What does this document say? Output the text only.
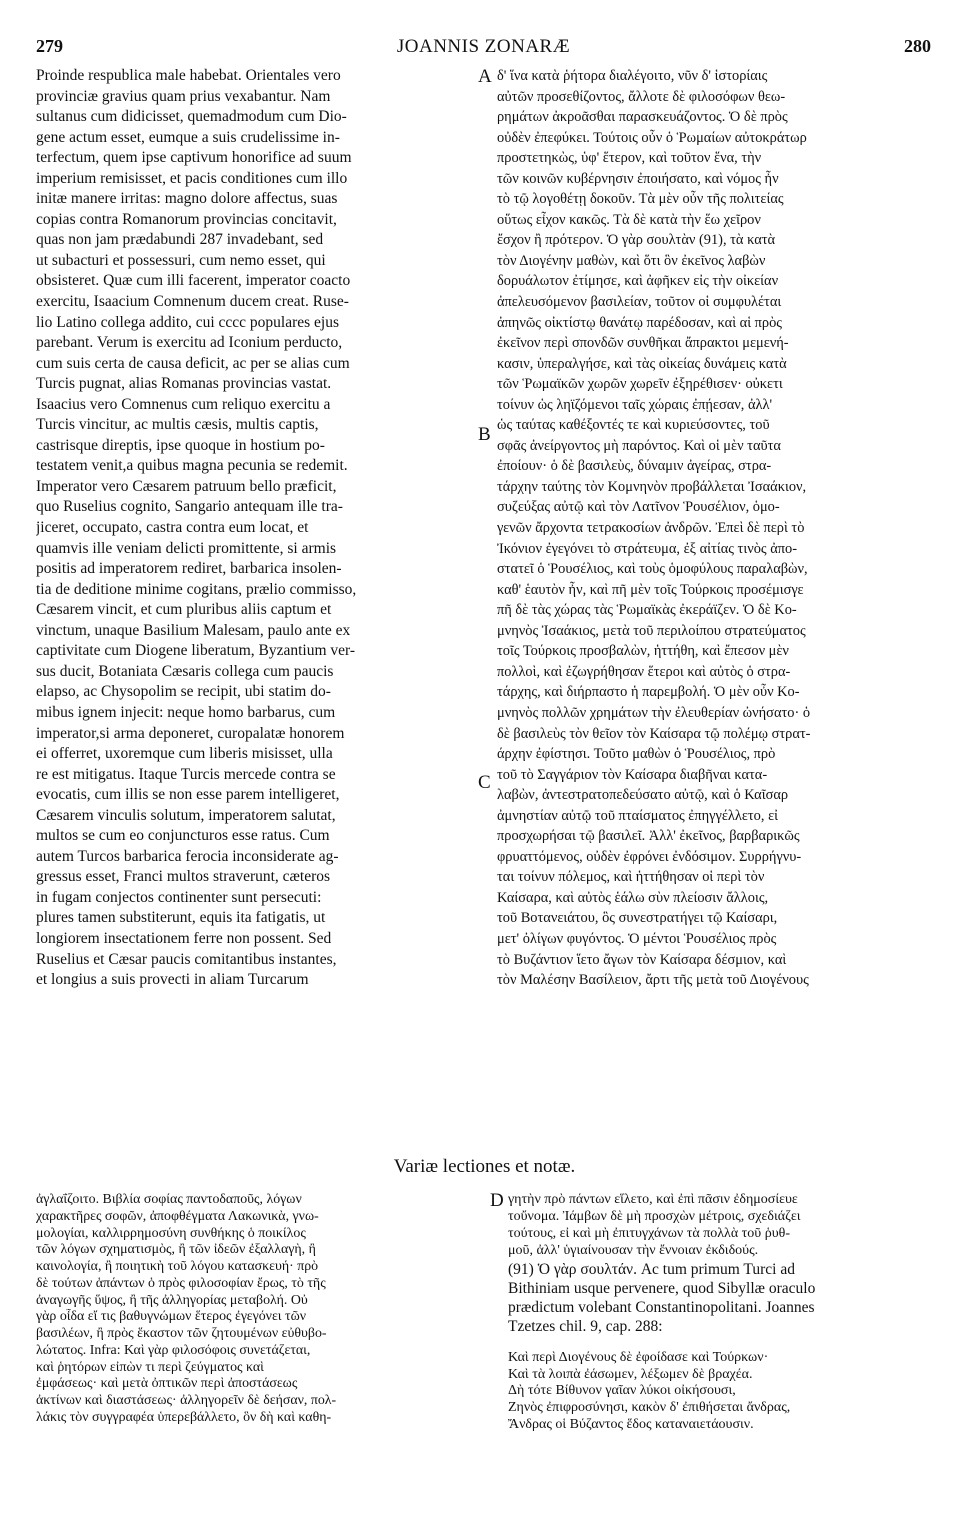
279	JOANNIS ZONARÆ	280
Proinde respublica male habebat. Orientales vero
provinciæ gravius quam prius vexabantur. Nam
sultanus cum didicisset, quemadmodum cum Dio-
gene actum esset, eumque a suis crudelissime in-
terfectum, quem ipse captivum honorifice ad suum
imperium remisisset, et pacis conditiones cum illo
initæ manere irritas: magno dolore affectus, suas
copias contra Romanorum provincias concitavit,
quas non jam prædabundi 287 invadebant, sed
ut subacturi et possessuri, cum nemo esset, qui
obsisteret. Quæ cum illi facerent, imperator coacto
exercitu, Isaacium Comnenum ducem creat. Ruse-
lio Latino collega addito, cui cccc populares ejus
parebant. Verum is exercitu ad Iconium perducto,
cum suis certa de causa deficit, ac per se alias cum
Turcis pugnat, alias Romanas provincias vastat.
Isaacius vero Comnenus cum reliquo exercitu a
Turcis vincitur, ac multis cæsis, multis captis,
castrisque direptis, ipse quoque in hostium po-
testatem venit,a quibus magna pecunia se redemit.
Imperator vero Cæsarem patruum bello præficit,
quo Ruselius cognito, Sangario antequam ille tra-
jiceret, occupato, castra contra eum locat, et
quamvis ille veniam delicti promittente, si armis
positis ad imperatorem rediret, barbarica insolen-
tia de deditione minime cogitans, prælio commisso,
Cæsarem vincit, et cum pluribus aliis captum et
vinctum, unaque Basilium Malesam, paulo ante ex
captivitate cum Diogene liberatum, Byzantium ver-
sus ducit, Botaniata Cæsaris collega cum paucis
elapso, ac Chysopolim se recipit, ubi statim do-
mibus ignem injecit: neque homo barbarus, cum
imperator,si arma deponeret, curopalatæ honorem
ei offerret, uxoremque cum liberis misisset, ulla
re est mitigatus. Itaque Turcis mercede contra se
evocatis, cum illis se non esse parem intelligeret,
Cæsarem vinculis solutum, imperatorem salutat,
multos se cum eo conjuncturos esse ratus. Cum
autem Turcos barbarica ferocia inconsiderate ag-
gressus esset, Franci multos straverunt, cæteros
in fugam conjectos continenter sunt persecuti:
plures tamen substiterunt, equis ita fatigatis, ut
longiorem insectationem ferre non possent. Sed
Ruselius et Cæsar paucis comitantibus instantes,
et longius a suis provecti in aliam Turcarum
δ' ἵνα κατὰ ῥήτορα διαλέγοιτο, νῦν δ' ἱστορίαις
αὐτῶν προσεθίζοντος, ἄλλοτε δὲ φιλοσόφων θεω-
ρημάτων ἀκροᾶσθαι παρασκευάζοντος. Ὁ δὲ πρὸς
οὐδὲν ἐπεφύκει. Τούτοις οὖν ὁ Ῥωμαίων αὐτοκράτωρ
προστετηκὼς, ὑφ' ἕτερον, καὶ τοῦτον ἕνα, τὴν
τῶν κοινῶν κυβέρνησιν ἐποιήσατο, καὶ νόμος ἦν
τὸ τῷ λογοθέτῃ δοκοῦν. Τὰ μὲν οὖν τῆς πολιτείας
οὕτως εἶχον κακῶς. Τὰ δὲ κατὰ τὴν ἕω χεῖρον
ἔσχον ἢ πρότερον. Ὁ γὰρ σουλτὰν (91), τὰ κατὰ
τὸν Διογένην μαθὼν, καὶ ὅτι ὃν ἐκεῖνος λαβὼν
δορυάλωτον ἐτίμησε, καὶ ἀφῆκεν εἰς τὴν οἰκείαν
ἀπελευσόμενον βασιλείαν, τοῦτον οἱ συμφυλέται
ἀπηνῶς οἰκτίστῳ θανάτῳ παρέδοσαν, καὶ αἱ πρὸς
ἐκεῖνον περὶ σπονδῶν συνθῆκαι ἄπρακτοι μεμενή-
κασιν, ὑπεραλγήσε, καὶ τὰς οἰκείας δυνάμεις κατὰ
τῶν Ῥωμαϊκῶν χωρῶν χωρεῖν ἐξηρέθισεν· οὐκετι
τοίνυν ὡς ληϊζόμενοι ταῖς χώραις ἐπῄεσαν, ἀλλ'
ὡς ταύτας καθέξοντές τε καὶ κυριεύσοντες, τοῦ
σφᾶς ἀνείργοντος μὴ παρόντος. Καὶ οἱ μὲν ταῦτα
ἐποίουν· ὁ δὲ βασιλεὺς, δύναμιν ἀγείρας, στρα-
τάρχην ταύτης τὸν Κομνηνὸν προβάλλεται Ἰσαάκιον,
συζεύξας αὐτῷ καὶ τὸν Λατῖνον Ῥουσέλιον, ὁμο-
γενῶν ἄρχοντα τετρακοσίων ἀνδρῶν. Ἐπεὶ δὲ περὶ τὸ
Ἰκόνιον ἐγεγόνει τὸ στράτευμα, ἐξ αἰτίας τινὸς ἀπο-
στατεῖ ὁ Ῥουσέλιος, καὶ τοὺς ὁμοφύλους παραλαβὼν,
καθ' ἑαυτὸν ἦν, καὶ πῆ μὲν τοῖς Τούρκοις προσέμισγε
πῆ δὲ τὰς χώρας τὰς Ῥωμαϊκὰς ἐκεράϊζεν. Ὁ δὲ Κο-
μνηνὸς Ἰσαάκιος, μετὰ τοῦ περιλοίπου στρατεύματος
τοῖς Τούρκοις προσβαλὼν, ἡττήθη, καὶ ἔπεσον μὲν
πολλοὶ, καὶ ἐζωγρήθησαν ἕτεροι καὶ αὐτὸς ὁ στρα-
τάρχης, καὶ διήρπαστο ἡ παρεμβολή. Ὁ μὲν οὖν Κο-
μνηνὸς πολλῶν χρημάτων τὴν ἐλευθερίαν ὠνήσατο· ὁ
δὲ βασιλεὺς τὸν θεῖον τὸν Καίσαρα τῷ πολέμῳ στρατ-
άρχην ἐφίστησι. Τοῦτο μαθὼν ὁ Ῥουσέλιος, πρὸ
τοῦ τὸ Σαγγάριον τὸν Καίσαρα διαβῆναι κατα-
λαβὼν, ἀντεστρατοπεδεύσατο αὐτῷ, καὶ ὁ Καῖσαρ
ἀμνηστίαν αὐτῷ τοῦ πταίσματος ἐπηγγέλλετο, εἰ
προσχωρήσαι τῷ βασιλεῖ. Ἀλλ' ἐκεῖνος, βαρβαρικῶς
φρυαττόμενος, οὐδὲν ἐφρόνει ἐνδόσιμον. Συρρήγνυ-
ται τοίνυν πόλεμος, καὶ ἡττήθησαν οἱ περὶ τὸν
Καίσαρα, καὶ αὐτὸς ἑάλω σὺν πλείοσιν ἄλλοις,
τοῦ Βοτανειάτου, ὃς συνεστρατήγει τῷ Καίσαρι,
μετ' ὀλίγων φυγόντος. Ὁ μέντοι Ῥουσέλιος πρὸς
τὸ Βυζάντιον ἵετο ἄγων τὸν Καίσαρα δέσμιον, καὶ
τὸν Μαλέσην Βασίλειον, ἄρτι τῆς μετὰ τοῦ Διογένους
A
B
C
D
Variæ lectiones et notæ.
ἀγλαΐζοιτο. Βιβλία σοφίας παντοδαποῦς, λόγων
χαρακτῆρες σοφῶν, ἀποφθέγματα Λακωνικὰ, γνω-
μολογίαι, καλλιρρημοσύνη συνθήκης ὁ ποικίλος
τῶν λόγων σχηματισμὸς, ἢ τῶν ἰδεῶν ἐξαλλαγὴ, ἢ
καινολογία, ἢ ποιητικὴ τοῦ λόγου κατασκευή· πρὸ
δὲ τούτων ἁπάντων ὁ πρὸς φιλοσοφίαν ἔρως, τὸ τῆς
ἀναγωγῆς ὕψος, ἢ τῆς ἀλληγορίας μεταβολή. Οὐ
γὰρ οἶδα εἴ τις βαθυγνώμων ἕτερος ἐγεγόνει τῶν
βασιλέων, ἢ πρὸς ἕκαστον τῶν ζητουμένων εὐθυβο-
λώτατος. Infra: Καὶ γὰρ φιλοσόφοις συνετάζεται,
καὶ ῥητόρων εἰπὼν τι περὶ ζεύγματος καὶ
ἐμφάσεως· καὶ μετὰ ὀπτικῶν περὶ ἀποστάσεως
ἀκτίνων καὶ διαστάσεως· ἀλληγορεῖν δὲ δεήσαν, πολ-
λάκις τὸν συγγραφέα ὑπερεβάλλετο, ὃν δὴ καὶ καθη-
γητὴν πρὸ πάντων εἵλετο, καὶ ἐπὶ πᾶσιν ἐδημοσίευε
τοὔνομα. Ἰάμβων δὲ μὴ προσχὼν μέτροις, σχεδιάζει
τούτους, εἰ καὶ μὴ ἐπιτυγχάνων τὰ πολλὰ τοῦ ῥυθ-
μοῦ, ἀλλ' ὑγιαίνουσαν τὴν ἔννοιαν ἐκδιδούς.
(91) Ὁ γὰρ σουλτάν. Ac tum primum Turci ad
Bithiniam usque pervenere, quod Sibyllæ oraculo
prædictum volebant Constantinopolitani. Joannes
Tzetzes chil. 9, cap. 288:
Καὶ περὶ Διογένους δὲ ἐφοίδασε καὶ Τούρκων·
Καὶ τὰ λοιπὰ ἐάσωμεν, λέξωμεν δὲ βραχέα.
Δὴ τότε Βίθυνον γαῖαν λύκοι οἰκήσουσι,
Ζηνὸς ἐπιφροσύνησι, κακὸν δ' ἐπιθήσεται ἄνδρας,
Ἄνδρας οἱ Βύζαντος ἕδος καταναιετάουσιν.
